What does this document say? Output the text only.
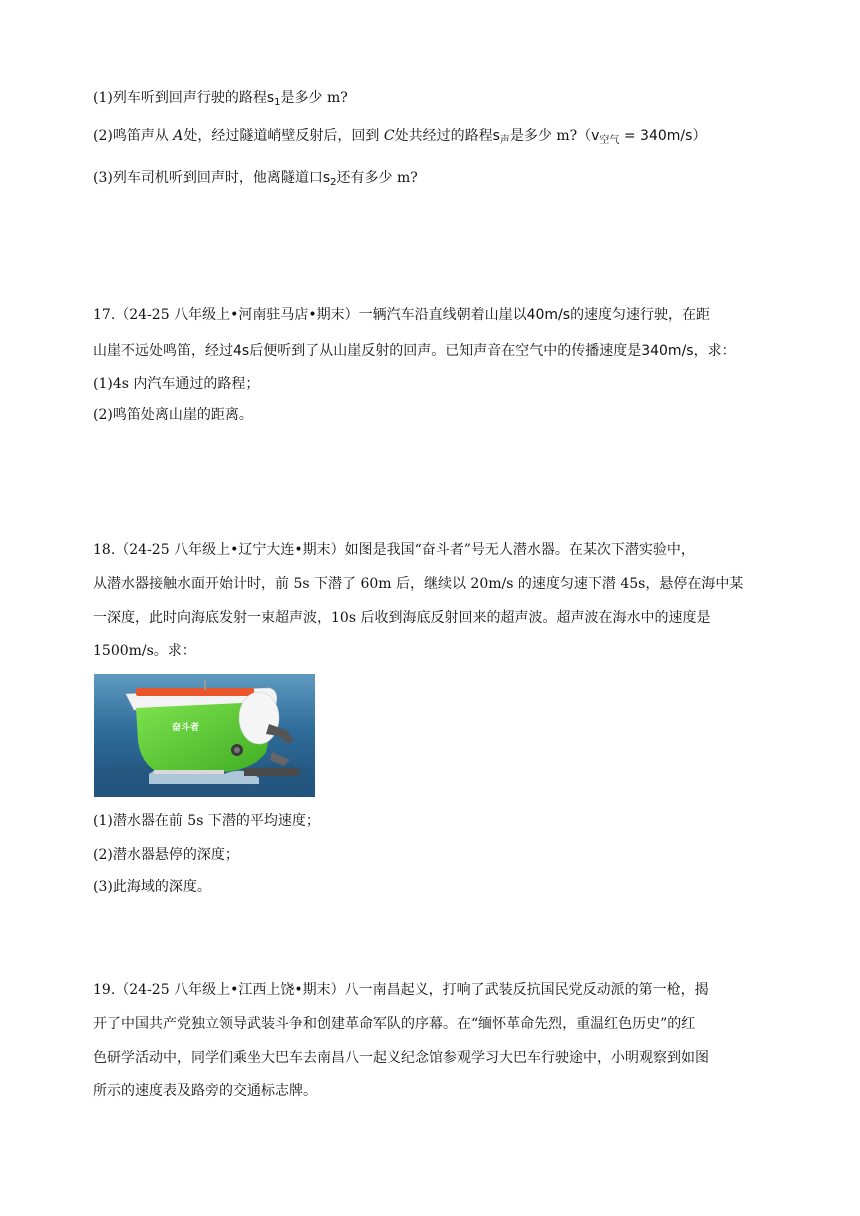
(1)列车听到回声行驶的路程$s_1$是多少 m?
(2)鸣笛声从 A处，经过隧道峭壁反射后，回到 C处共经过的路程$s_声$是多少 $m?(v_{空气} = 340m/s)$
(3)列车司机听到回声时，他离隧道口$s_2$还有多少 m?
17.（24-25 八年级上•河南驻马店•期末）一辆汽车沿直线朝着山崖以40m/s的速度匀速行驶，在距
山崖不远处鸣笛，经过4s后便听到了从山崖反射的回声。已知声音在空气中的传播速度是340m/s，求：
(1)4s 内汽车通过的路程；
(2)鸣笛处离山崖的距离。
18.（24-25 八年级上•辽宁大连•期末）如图是我国“奋斗者”号无人潜水器。在某次下潜实验中，
从潜水器接触水面开始计时，前 5s 下潜了 60m 后，继续以 20m/s 的速度匀速下潜 45s，悬停在海中某
一深度，此时向海底发射一束超声波，10s 后收到海底反射回来的超声波。超声波在海水中的速度是
1500m/s。求：
奋斗者
(1)潜水器在前 5s 下潜的平均速度；
(2)潜水器悬停的深度；
(3)此海域的深度。
19.（24-25 八年级上•江西上饶•期末）八一南昌起义，打响了武装反抗国民党反动派的第一枪，揭
开了中国共产党独立领导武装斗争和创建革命军队的序幕。在“缅怀革命先烈，重温红色历史”的红
色研学活动中，同学们乘坐大巴车去南昌八一起义纪念馆参观学习大巴车行驶途中，小明观察到如图
所示的速度表及路旁的交通标志牌。
